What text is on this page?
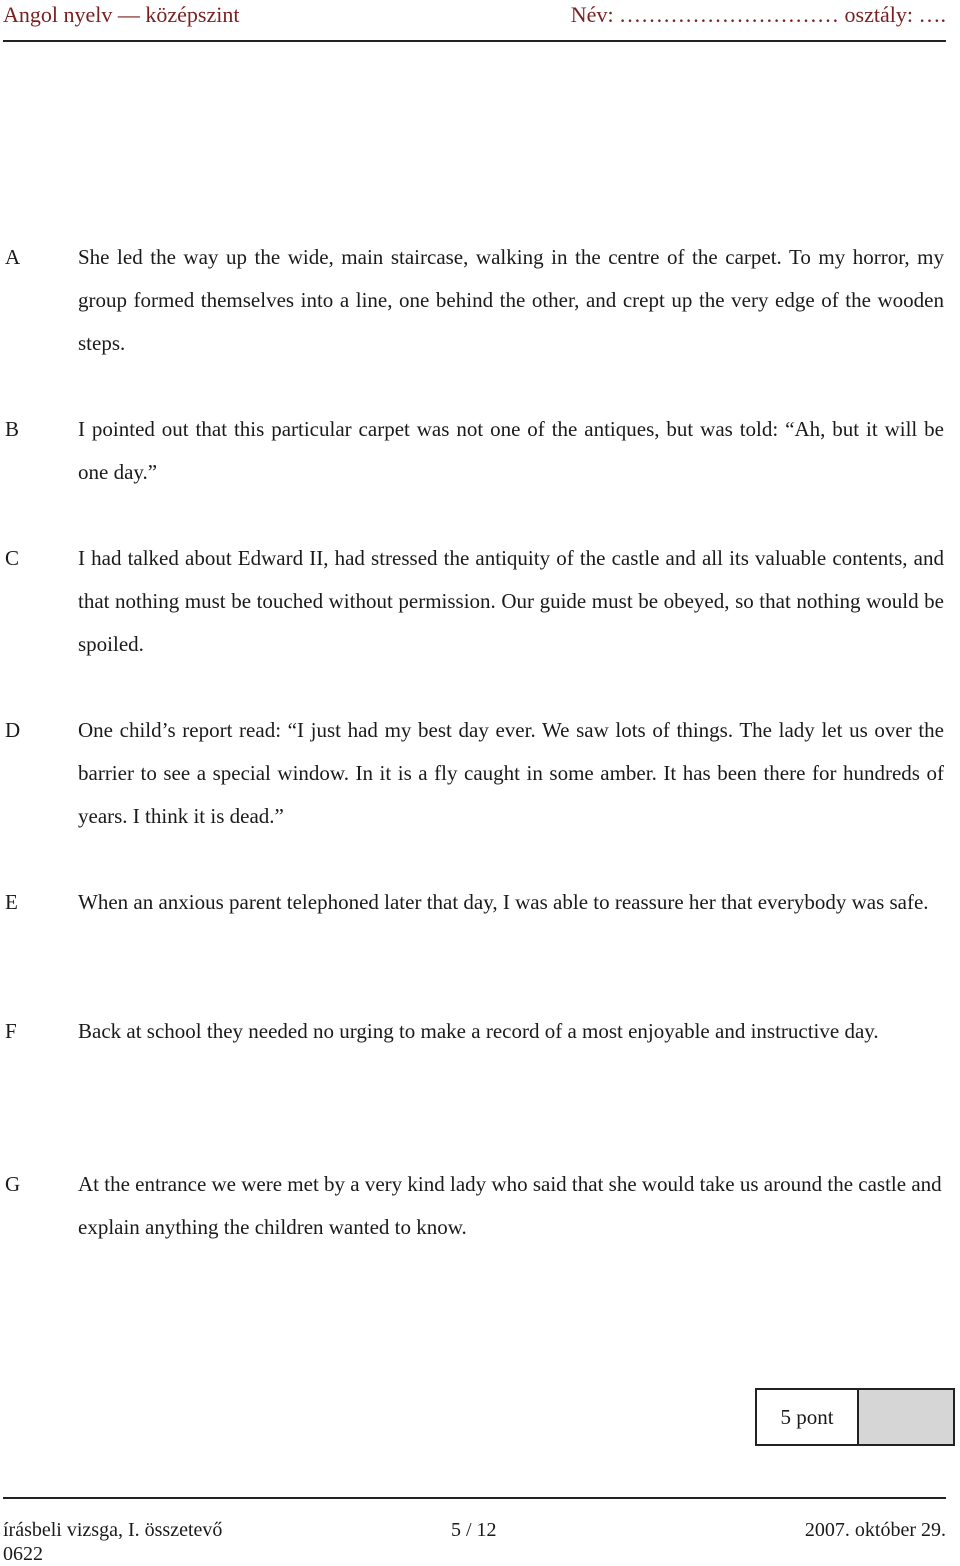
Angol nyelv — középszint	Név: ………………………… osztály: ….
A	She led the way up the wide, main staircase, walking in the centre of the carpet. To my horror, my group formed themselves into a line, one behind the other, and crept up the very edge of the wooden steps.
B	I pointed out that this particular carpet was not one of the antiques, but was told: “Ah, but it will be one day.”
C	I had talked about Edward II, had stressed the antiquity of the castle and all its valuable contents, and that nothing must be touched without permission. Our guide must be obeyed, so that nothing would be spoiled.
D	One child’s report read: “I just had my best day ever. We saw lots of things. The lady let us over the barrier to see a special window. In it is a fly caught in some amber. It has been there for hundreds of years. I think it is dead.”
E	When an anxious parent telephoned later that day, I was able to reassure her that everybody was safe.
F	Back at school they needed no urging to make a record of a most enjoyable and instructive day.
G	At the entrance we were met by a very kind lady who said that she would take us around the castle and explain anything the children wanted to know.
5 pont
írásbeli vizsga, I. összetevő	5 / 12	2007. október 29.
0622
